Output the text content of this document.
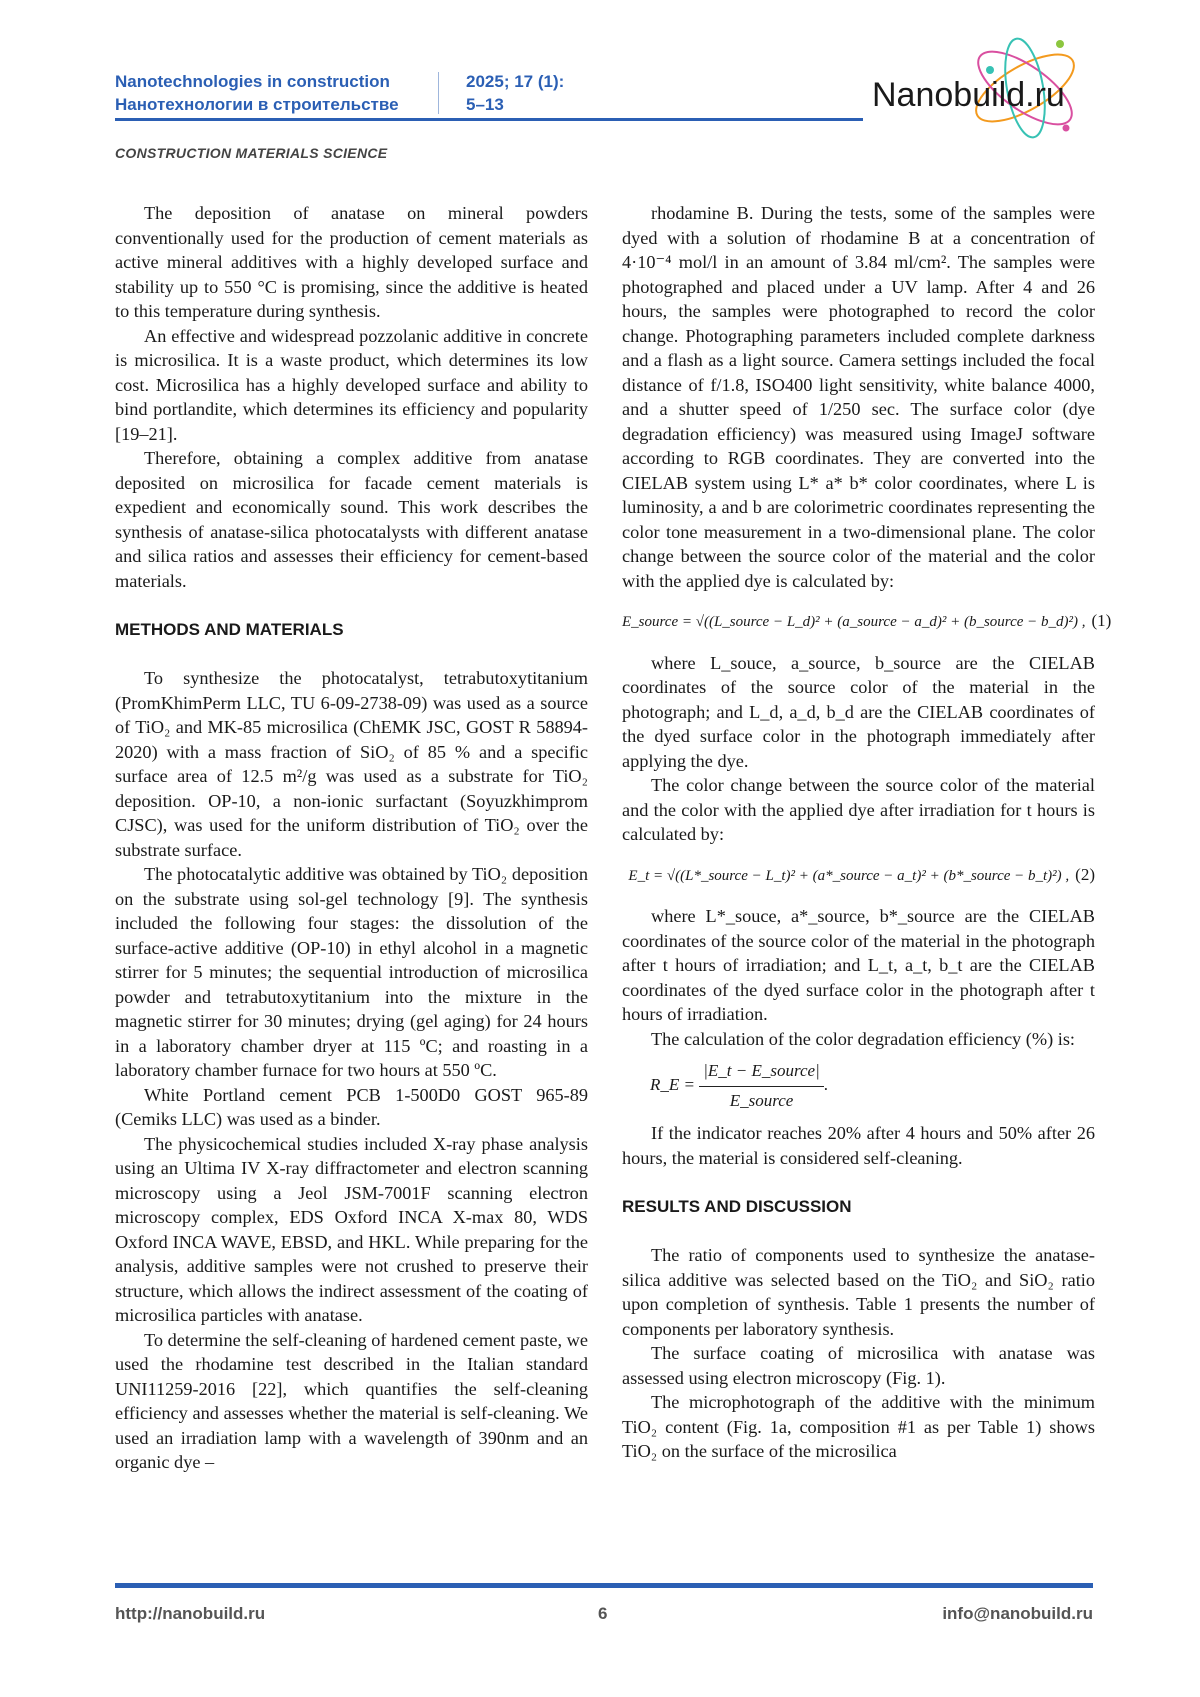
Nanotechnologies in construction
Нанотехнологии в строительстве
2025; 17 (1):
5–13	Nanobuild.ru
CONSTRUCTION MATERIALS SCIENCE

The deposition of anatase on mineral powders conventionally used for the production of cement materials as active mineral additives with a highly developed surface and stability up to 550 °C is promising, since the additive is heated to this temperature during synthesis.

An effective and widespread pozzolanic additive in concrete is microsilica. It is a waste product, which determines its low cost. Microsilica has a highly developed surface and ability to bind portlandite, which determines its efficiency and popularity [19–21].

Therefore, obtaining a complex additive from anatase deposited on microsilica for facade cement materials is expedient and economically sound. This work describes the synthesis of anatase-silica photocatalysts with different anatase and silica ratios and assesses their efficiency for cement-based materials.

METHODS AND MATERIALS

To synthesize the photocatalyst, tetrabutoxytitanium (PromKhimPerm LLC, TU 6-09-2738-09) was used as a source of TiO₂ and MK-85 microsilica (ChEMK JSC, GOST R 58894-2020) with a mass fraction of SiO₂ of 85 % and a specific surface area of 12.5 m²/g was used as a substrate for TiO₂ deposition. OP-10, a non-ionic surfactant (Soyuzkhimprom CJSC), was used for the uniform distribution of TiO₂ over the substrate surface.

The photocatalytic additive was obtained by TiO₂ deposition on the substrate using sol-gel technology [9]. The synthesis included the following four stages: the dissolution of the surface-active additive (OP-10) in ethyl alcohol in a magnetic stirrer for 5 minutes; the sequential introduction of microsilica powder and tetrabutoxytitanium into the mixture in the magnetic stirrer for 30 minutes; drying (gel aging) for 24 hours in a laboratory chamber dryer at 115 ºC; and roasting in a laboratory chamber furnace for two hours at 550 ºC.

White Portland cement PCB 1-500D0 GOST 965-89 (Cemiks LLC) was used as a binder.

The physicochemical studies included X-ray phase analysis using an Ultima IV X-ray diffractometer and electron scanning microscopy using a Jeol JSM-7001F scanning electron microscopy complex, EDS Oxford INCA X-max 80, WDS Oxford INCA WAVE, EBSD, and HKL. While preparing for the analysis, additive samples were not crushed to preserve their structure, which allows the indirect assessment of the coating of microsilica particles with anatase.

To determine the self-cleaning of hardened cement paste, we used the rhodamine test described in the Italian standard UNI11259-2016 [22], which quantifies the self-cleaning efficiency and assesses whether the material is self-cleaning. We used an irradiation lamp with a wavelength of 390nm and an organic dye –

rhodamine B. During the tests, some of the samples were dyed with a solution of rhodamine B at a concentration of 4·10⁻⁴ mol/l in an amount of 3.84 ml/cm². The samples were photographed and placed under a UV lamp. After 4 and 26 hours, the samples were photographed to record the color change. Photographing parameters included complete darkness and a flash as a light source. Camera settings included the focal distance of f/1.8, ISO400 light sensitivity, white balance 4000, and a shutter speed of 1/250 sec. The surface color (dye degradation efficiency) was measured using ImageJ software according to RGB coordinates. They are converted into the CIELAB system using L* a* b* color coordinates, where L is luminosity, a and b are colorimetric coordinates representing the color tone measurement in a two-dimensional plane. The color change between the source color of the material and the color with the applied dye is calculated by:

E_source = √((L_source − L_d)² + (a_source − a_d)² + (b_source − b_d)²) , (1)

where L_souce, a_source, b_source are the CIELAB coordinates of the source color of the material in the photograph; and L_d, a_d, b_d are the CIELAB coordinates of the dyed surface color in the photograph immediately after applying the dye.

The color change between the source color of the material and the color with the applied dye after irradiation for t hours is calculated by:

E_t = √((L*_source − L_t)² + (a*_source − a_t)² + (b*_source − b_t)²) , (2)

where L*_souce, a*_source, b*_source are the CIELAB coordinates of the source color of the material in the photograph after t hours of irradiation; and L_t, a_t, b_t are the CIELAB coordinates of the dyed surface color in the photograph after t hours of irradiation.

The calculation of the color degradation efficiency (%) is:

R_E = $\frac{\text{|E\_t − E\_source|}}{\text{E\_source}}$ .

If the indicator reaches 20% after 4 hours and 50% after 26 hours, the material is considered self-cleaning.

RESULTS AND DISCUSSION

The ratio of components used to synthesize the anatase-silica additive was selected based on the TiO₂ and SiO₂ ratio upon completion of synthesis. Table 1 presents the number of components per laboratory synthesis.

The surface coating of microsilica with anatase was assessed using electron microscopy (Fig. 1).

The microphotograph of the additive with the minimum TiO₂ content (Fig. 1a, composition #1 as per Table 1) shows TiO₂ on the surface of the microsilica

http://nanobuild.ru	6	info@nanobuild.ru
